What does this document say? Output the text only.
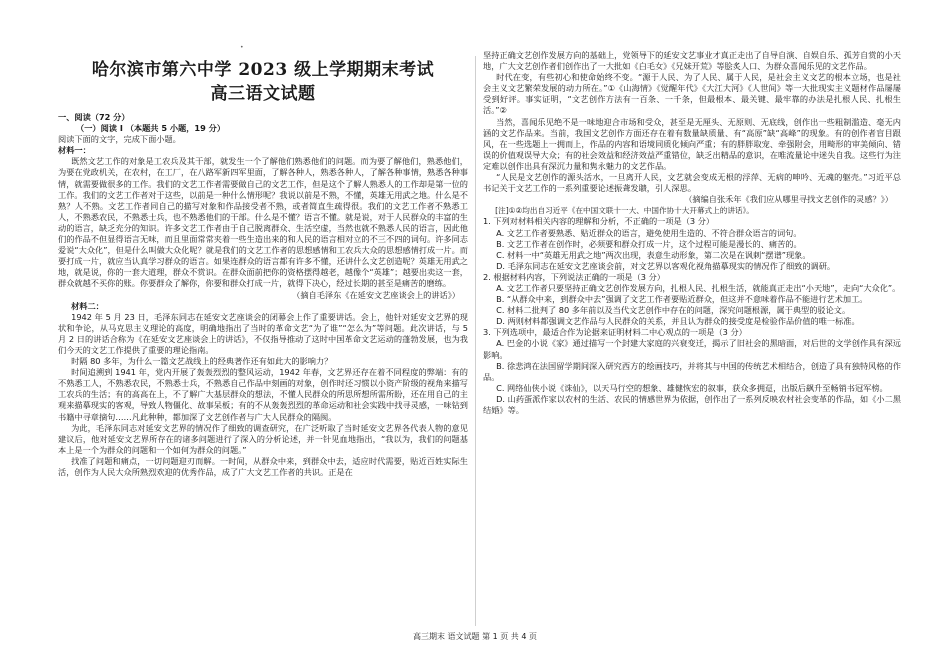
•
哈尔滨市第六中学 2023 级上学期期末考试
高三语文试题

一、阅读（72 分）

（一）阅读 I （本题共 5 小题，19 分）

阅读下面的文字，完成下面小题。

材料一：

既然文艺工作的对象是工农兵及其干部，就发生一个了解他们熟悉他们的问题。而为要了解他们，熟悉他们，为要在党政机关，在农村，在工厂，在八路军新四军里面，了解各种人，熟悉各种人，了解各种事情，熟悉各种事情，就需要做很多的工作。我们的文艺工作者需要做自己的文艺工作，但是这个了解人熟悉人的工作却是第一位的工作。我们的文艺工作者对于这些，以前是一种什么情形呢？我说以前是不熟，不懂，英雄无用武之地。什么是不熟？人不熟。文艺工作者同自己的描写对象和作品接受者不熟，或者简直生疏得很。我们的文艺工作者不熟悉工人，不熟悉农民，不熟悉士兵，也不熟悉他们的干部。什么是不懂？语言不懂。就是说，对于人民群众的丰富的生动的语言，缺乏充分的知识。许多文艺工作者由于自己脱离群众、生活空虚，当然也就不熟悉人民的语言，因此他们的作品不但显得语言无味，而且里面常常夹着一些生造出来的和人民的语言相对立的不三不四的词句。许多同志爱说“大众化”，但是什么叫做大众化呢？就是我们的文艺工作者的思想感情和工农兵大众的思想感情打成一片。而要打成一片，就应当认真学习群众的语言。如果连群众的语言都有许多不懂，还讲什么文艺创造呢？英雄无用武之地，就是说，你的一套大道理，群众不赏识。在群众面前把你的资格摆得越老，越像个“英雄”；越要出卖这一套，群众就越不买你的账。你要群众了解你，你要和群众打成一片，就得下决心，经过长期的甚至是痛苦的磨练。

（摘自毛泽东《在延安文艺座谈会上的讲话》）

材料二：

1942 年 5 月 23 日，毛泽东同志在延安文艺座谈会的闭幕会上作了重要讲话。会上，他针对延安文艺界的现状和争论，从马克思主义理论的高度，明确地指出了当时的革命文艺“为了谁”“怎么为”等问题。此次讲话，与 5 月 2 日的讲话合称为《在延安文艺座谈会上的讲话》，不仅指导推动了这时中国革命文艺运动的蓬勃发展，也为我们今天的文艺工作提供了重要的理论指南。

时隔 80 多年，为什么一篇文艺战线上的经典著作还有如此大的影响力？

时间追溯到 1941 年，党内开展了轰轰烈烈的整风运动，1942 年春，文艺界还存在着不同程度的弊端：有的不熟悉工人，不熟悉农民，不熟悉士兵，不熟悉自己作品中刻画的对象，创作时还习惯以小资产阶级的视角来描写工农兵的生活；有的高高在上，不了解广大基层群众的想法，不懂人民群众的所思所想所需所盼，还在用自己的主观来描摹现实的客观，导致人物僵化、故事呆板；有的不从轰轰烈烈的革命运动和社会实践中找寻灵感，一味钻到书籍中寻章摘句……凡此种种，都加深了文艺创作者与广大人民群众的隔阂。

为此，毛泽东同志对延安文艺界的情况作了细致的调查研究，在广泛听取了当时延安文艺界各代表人物的意见建议后，他对延安文艺界所存在的诸多问题进行了深入的分析论述，并一针见血地指出，“我以为，我们的问题基本上是一个为群众的问题和一个如何为群众的问题。”

找准了问题和痛点，一切问题迎刃而解。一时间，从群众中来，到群众中去，适应时代需要，贴近百姓实际生活，创作为人民大众所熟烈欢迎的优秀作品，成了广大文艺工作者的共识。正是在

坚持正确文艺创作发展方向的基础上，党领导下的延安文艺事业才真正走出了自导自演、自娱自乐、孤芳自赏的小天地，广大文艺创作者们创作出了一大批如《白毛女》《兄妹开荒》等脍炙人口、为群众喜闻乐见的文艺作品。

时代在变，有些初心和使命始终不变。“源于人民、为了人民、属于人民，是社会主义文艺的根本立场，也是社会主义文艺繁荣发展的动力所在。”①《山海情》《觉醒年代》《大江大河》《人世间》等一大批现实主义题材作品屡屡受到好评。事实证明，“文艺创作方法有一百条、一千条，但最根本、最关键、最牢靠的办法是扎根人民、扎根生活。”②

当然，喜闻乐见绝不是一味地迎合市场和受众，甚至是无厘头、无原则、无底线，创作出一些粗制滥造、毫无内涵的文艺作品来。当前，我国文艺创作方面还存在着有数量缺质量、有“高原”缺“高峰”的现象。有的创作者盲目跟风，在一些选题上一拥而上，作品的内容和语境同质化倾向严重；有的胖胖取宠、牵强附会，用畸形的审美倾向、错误的价值观误导大众；有的社会效益和经济效益严重错位，缺乏出精品的意识，在唯流量论中迷失自我。这些行为注定难以创作出具有深沉力量和隽永魅力的文艺作品。

“人民是文艺创作的源头活水，一旦离开人民，文艺就会变成无根的浮萍、无病的呻吟、无魂的躯壳。”习近平总书记关于文艺工作的一系列重要论述振聋发聩，引人深思。

（摘编自张禾年《我们应从哪里寻找文艺创作的灵感？》）

[注]①②均出自习近平《在中国文联十一大、中国作协十大开幕式上的讲话》。

1. 下列对材料相关内容的理解和分析，不正确的一项是（3 分）

A. 文艺工作者要熟悉、贴近群众的语言，避免使用生造的、不符合群众语言的词句。

B. 文艺工作者在创作时，必须要和群众打成一片，这个过程可能是漫长的、痛苦的。

C. 材料一中“英雄无用武之地”两次出现，表意生动形象，第二次是在讽刺“摆谱”现象。

D. 毛泽东同志在延安文艺座谈会前，对文艺界以客观化视角描摹现实的情况作了细致的调研。

2. 根据材料内容，下列说法正确的一项是（3 分）

A. 文艺工作者只要坚持正确文艺创作发展方向，扎根人民、扎根生活，就能真正走出“小天地”，走向“大众化”。

B. “从群众中来，到群众中去”强调了文艺工作者要贴近群众，但这并不意味着作品不能进行艺术加工。

C. 材料二批判了 80 多年前以及当代文艺创作中存在的问题，深究问题根源，属于典型的驳论文。

D. 两则材料都强调文艺作品与人民群众的关系，并且认为群众的接受度是检验作品价值的唯一标准。

3. 下列选项中，最适合作为论据来证明材料二中心观点的一项是（3 分）

A. 巴金的小说《家》通过描写一个封建大家庭的兴衰变迁，揭示了旧社会的黑暗面，对后世的文学创作具有深远影响。

B. 徐悲鸿在法国留学期间深入研究西方的绘画技巧，并将其与中国的传统艺术相结合，创造了具有独特风格的作品。

C. 网络仙侠小说《诛仙》，以天马行空的想象、雄健恢宏的叙事，获众多拥趸，出版后飙升至畅销书冠军榜。

D. 山药蛋派作家以农村的生活、农民的情感世界为依据，创作出了一系列反映农村社会变革的作品，如《小二黑结婚》等。

高三期末 语文试题 第 1 页 共 4 页
